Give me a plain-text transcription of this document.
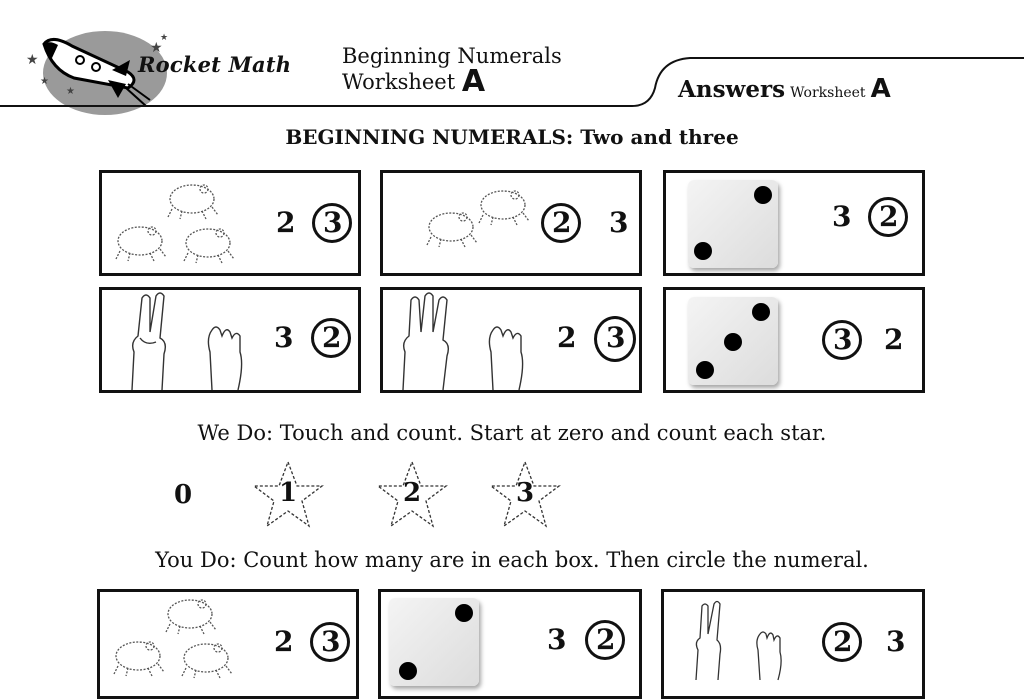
★
★
★
★
★
Rocket Math Beginning Numerals
Worksheet A	Answers Worksheet A
BEGINNING NUMERALS: Two and three
2 3	2 3	3 2
3 2	2 3	3 2
We Do: Touch and count. Start at zero and count each star.
0	1	2	3
You Do: Count how many are in each box. Then circle the numeral.
2 3	3 2	2 3
